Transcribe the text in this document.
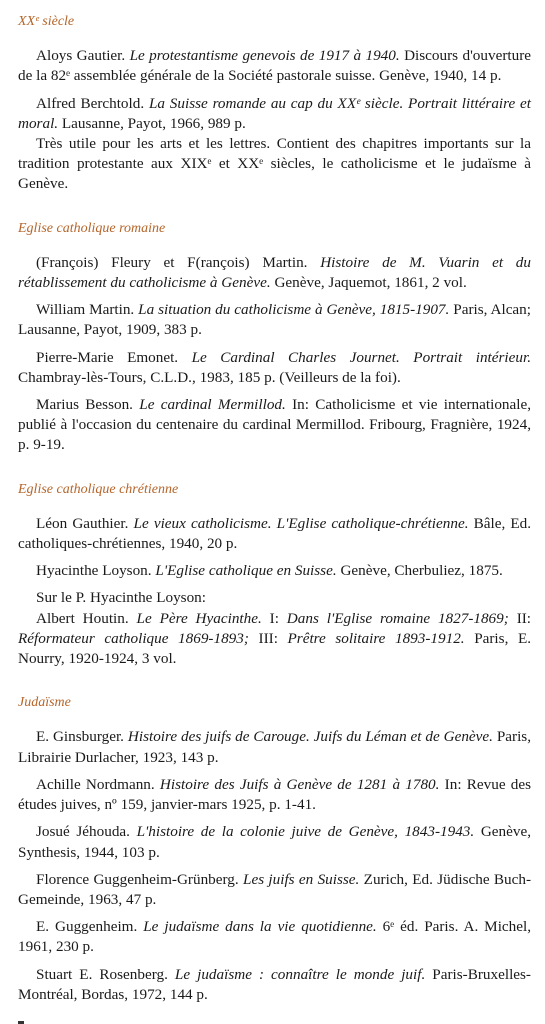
XXᵉ siècle

Aloys Gautier. Le protestantisme genevois de 1917 à 1940. Discours d'ouverture de la 82ᵉ assemblée générale de la Société pastorale suisse. Genève, 1940, 14 p.

Alfred Berchtold. La Suisse romande au cap du XXᵉ siècle. Portrait littéraire et moral. Lausanne, Payot, 1966, 989 p.

Très utile pour les arts et les lettres. Contient des chapitres importants sur la tradition protestante aux XIXᵉ et XXᵉ siècles, le catholicisme et le judaïsme à Genève.

Eglise catholique romaine

(François) Fleury et F(rançois) Martin. Histoire de M. Vuarin et du rétablissement du catholicisme à Genève. Genève, Jaquemot, 1861, 2 vol.

William Martin. La situation du catholicisme à Genève, 1815-1907. Paris, Alcan; Lausanne, Payot, 1909, 383 p.

Pierre-Marie Emonet. Le Cardinal Charles Journet. Portrait intérieur. Chambray-lès-Tours, C.L.D., 1983, 185 p. (Veilleurs de la foi).

Marius Besson. Le cardinal Mermillod. In: Catholicisme et vie internationale, publié à l'occasion du centenaire du cardinal Mermillod. Fribourg, Fragnière, 1924, p. 9-19.

Eglise catholique chrétienne

Léon Gauthier. Le vieux catholicisme. L'Eglise catholique-chrétienne. Bâle, Ed. catholiques-chrétiennes, 1940, 20 p.

Hyacinthe Loyson. L'Eglise catholique en Suisse. Genève, Cherbuliez, 1875.

Sur le P. Hyacinthe Loyson:

Albert Houtin. Le Père Hyacinthe. I: Dans l'Eglise romaine 1827-1869; II: Réformateur catholique 1869-1893; III: Prêtre solitaire 1893-1912. Paris, E. Nourry, 1920-1924, 3 vol.

Judaïsme

E. Ginsburger. Histoire des juifs de Carouge. Juifs du Léman et de Genève. Paris, Librairie Durlacher, 1923, 143 p.

Achille Nordmann. Histoire des Juifs à Genève de 1281 à 1780. In: Revue des études juives, nº 159, janvier-mars 1925, p. 1-41.

Josué Jéhouda. L'histoire de la colonie juive de Genève, 1843-1943. Genève, Synthesis, 1944, 103 p.

Florence Guggenheim-Grünberg. Les juifs en Suisse. Zurich, Ed. Jüdische Buch-Gemeinde, 1963, 47 p.

E. Guggenheim. Le judaïsme dans la vie quotidienne. 6ᵉ éd. Paris. A. Michel, 1961, 230 p.

Stuart E. Rosenberg. Le judaïsme : connaître le monde juif. Paris-Bruxelles-Montréal, Bordas, 1972, 144 p.
